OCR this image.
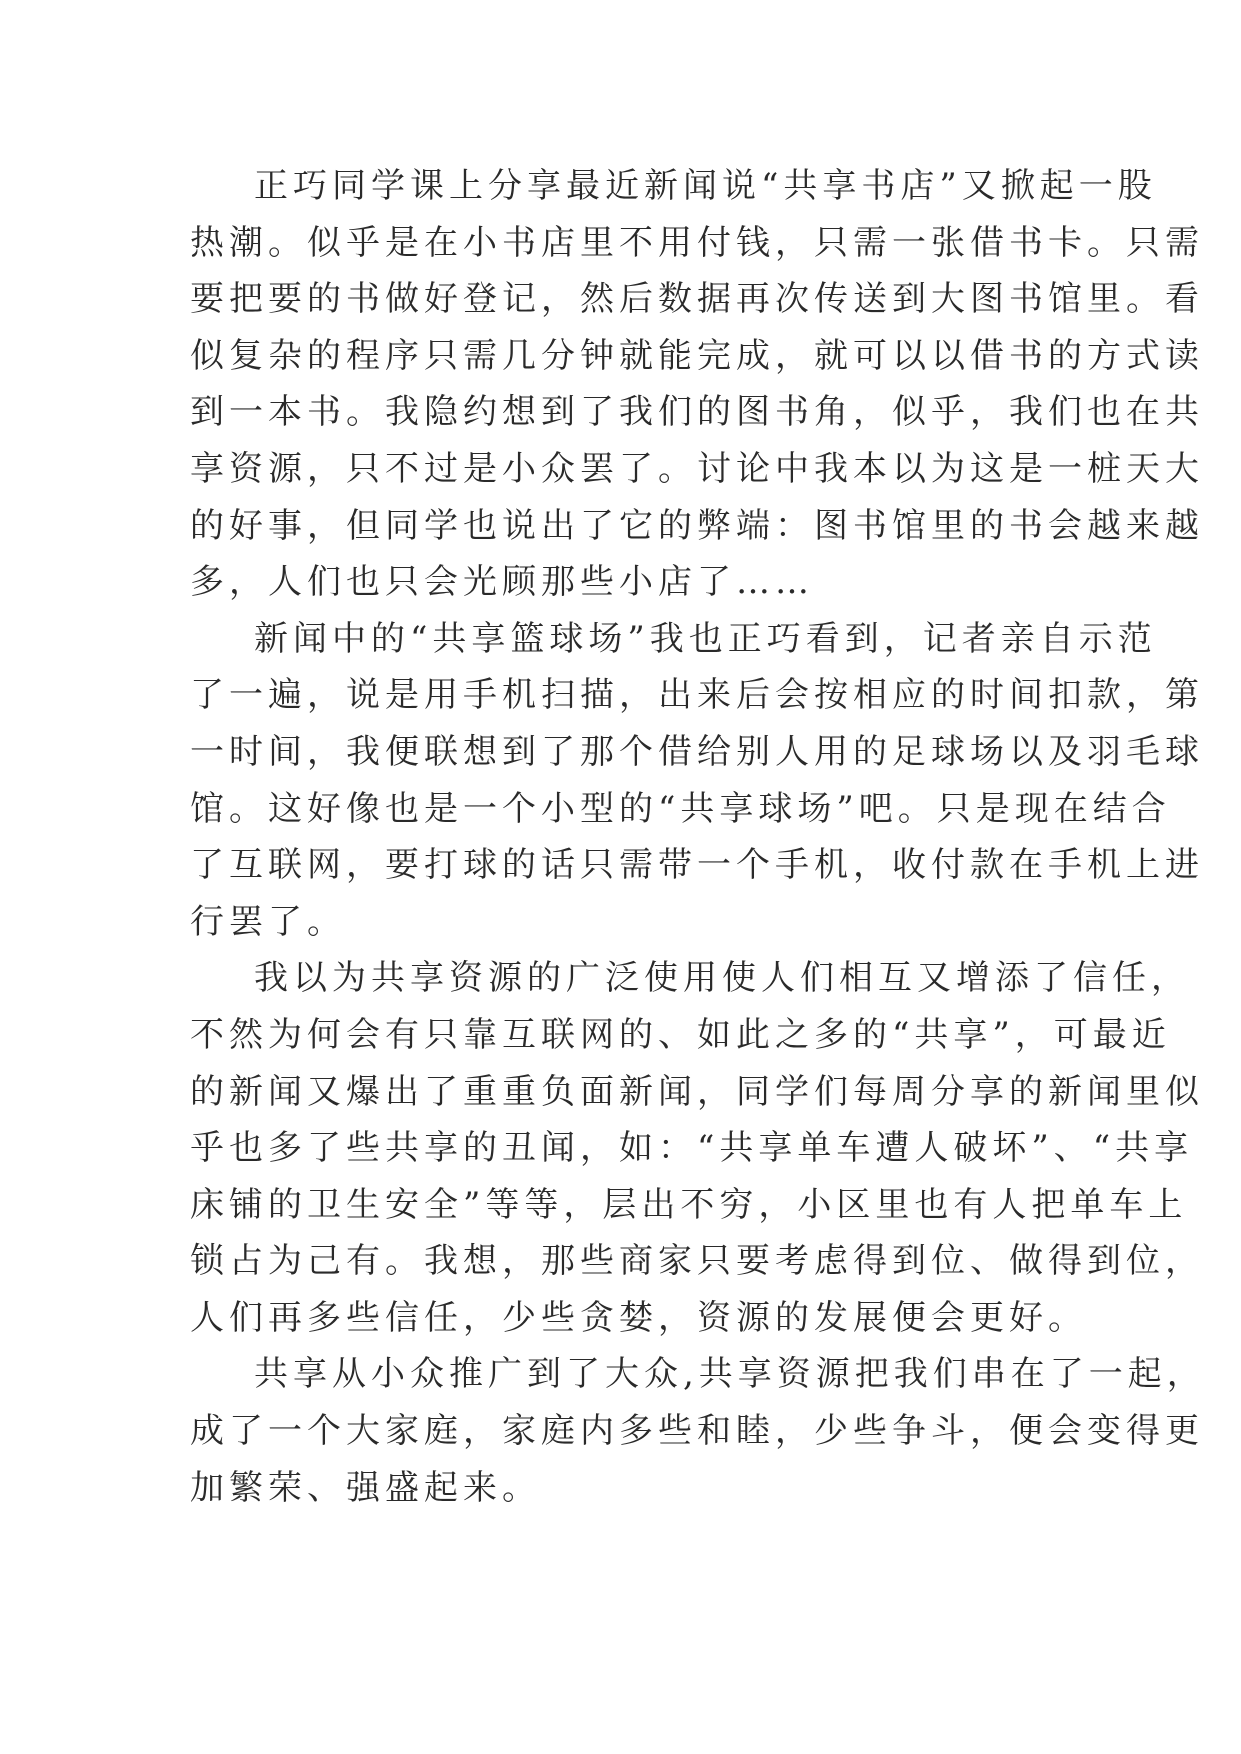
正巧同学课上分享最近新闻说“共享书店”又掀起一股
热潮。似乎是在小书店里不用付钱，只需一张借书卡。只需
要把要的书做好登记，然后数据再次传送到大图书馆里。看
似复杂的程序只需几分钟就能完成，就可以以借书的方式读
到一本书。我隐约想到了我们的图书角，似乎，我们也在共
享资源，只不过是小众罢了。讨论中我本以为这是一桩天大
的好事，但同学也说出了它的弊端：图书馆里的书会越来越
多，人们也只会光顾那些小店了……
新闻中的“共享篮球场”我也正巧看到，记者亲自示范
了一遍，说是用手机扫描，出来后会按相应的时间扣款，第
一时间，我便联想到了那个借给别人用的足球场以及羽毛球
馆。这好像也是一个小型的“共享球场”吧。只是现在结合
了互联网，要打球的话只需带一个手机，收付款在手机上进
行罢了。
我以为共享资源的广泛使用使人们相互又增添了信任，
不然为何会有只靠互联网的、如此之多的“共享”，可最近
的新闻又爆出了重重负面新闻，同学们每周分享的新闻里似
乎也多了些共享的丑闻，如：“共享单车遭人破坏”、“共享
床铺的卫生安全”等等，层出不穷，小区里也有人把单车上
锁占为己有。我想，那些商家只要考虑得到位、做得到位，
人们再多些信任，少些贪婪，资源的发展便会更好。
共享从小众推广到了大众,共享资源把我们串在了一起，
成了一个大家庭，家庭内多些和睦，少些争斗，便会变得更
加繁荣、强盛起来。
